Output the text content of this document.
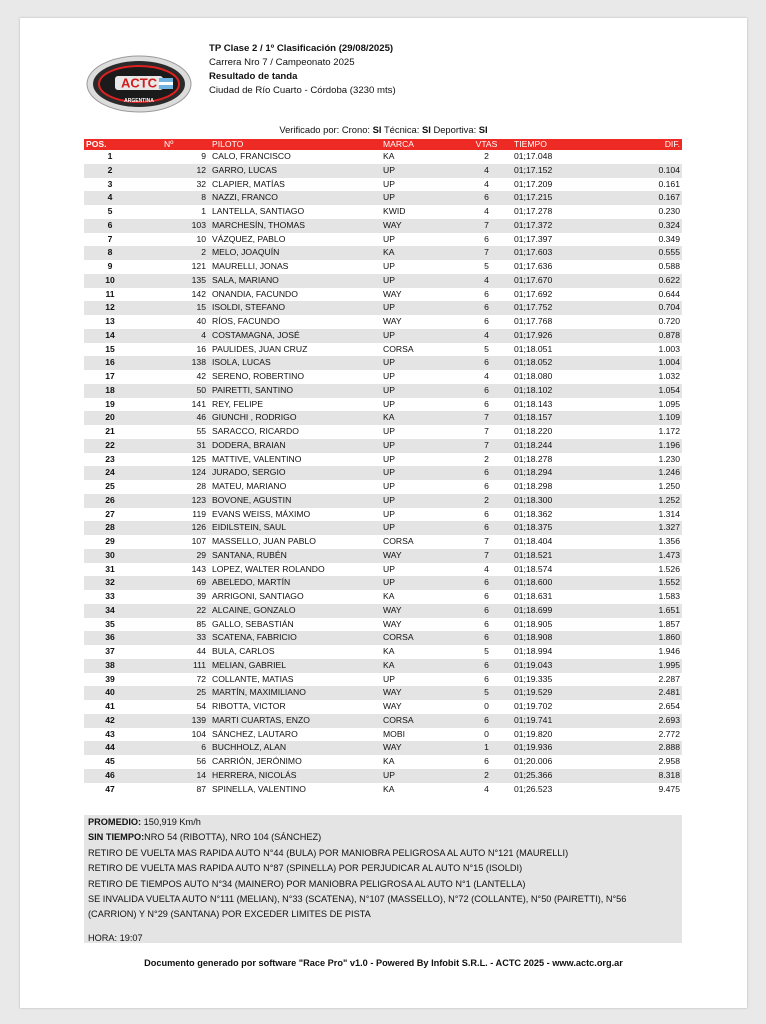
ACTC
ARGENTINA
TP Clase 2 / 1º Clasificación (29/08/2025)
Carrera Nro 7 / Campeonato 2025
Resultado de tanda
Ciudad de Río Cuarto - Córdoba (3230 mts)
Verificado por: Crono: SI Técnica: SI Deportiva: SI
POS.	Nº	PILOTO	MARCA	VTAS	TIEMPO	DIF.
1	9 CALO, FRANCISCO	KA	2	01;17.048
2	12 GARRO, LUCAS	UP	4	01;17.152	0.104
3	32 CLAPIER, MATÍAS	UP	4	01;17.209	0.161
4	8 NAZZI, FRANCO	UP	6	01;17.215	0.167
5	1 LANTELLA, SANTIAGO	KWID	4	01;17.278	0.230
6	103 MARCHESÍN, THOMAS	WAY	7	01;17.372	0.324
7	10 VÁZQUEZ, PABLO	UP	6	01;17.397	0.349
8	2 MELO, JOAQUÍN	KA	7	01;17.603	0.555
9	121 MAURELLI, JONAS	UP	5	01;17.636	0.588
10	135 SALA, MARIANO	UP	4	01;17.670	0.622
11	142 ONANDIA, FACUNDO	WAY	6	01;17.692	0.644
12	15 ISOLDI, STEFANO	UP	6	01;17.752	0.704
13	40 RÍOS, FACUNDO	WAY	6	01;17.768	0.720
14	4 COSTAMAGNA, JOSÉ	UP	4	01;17.926	0.878
15	16 PAULIDES, JUAN CRUZ	CORSA	5	01;18.051	1.003
16	138 ISOLA, LUCAS	UP	6	01;18.052	1.004
17	42 SERENO, ROBERTINO	UP	4	01;18.080	1.032
18	50 PAIRETTI, SANTINO	UP	6	01;18.102	1.054
19	141 REY, FELIPE	UP	6	01;18.143	1.095
20	46 GIUNCHI , RODRIGO	KA	7	01;18.157	1.109
21	55 SARACCO, RICARDO	UP	7	01;18.220	1.172
22	31 DODERA, BRAIAN	UP	7	01;18.244	1.196
23	125 MATTIVE, VALENTINO	UP	2	01;18.278	1.230
24	124 JURADO, SERGIO	UP	6	01;18.294	1.246
25	28 MATEU, MARIANO	UP	6	01;18.298	1.250
26	123 BOVONE, AGUSTIN	UP	2	01;18.300	1.252
27	119 EVANS WEISS, MÁXIMO	UP	6	01;18.362	1.314
28	126 EIDILSTEIN, SAUL	UP	6	01;18.375	1.327
29	107 MASSELLO, JUAN PABLO	CORSA	7	01;18.404	1.356
30	29 SANTANA, RUBÉN	WAY	7	01;18.521	1.473
31	143 LOPEZ, WALTER ROLANDO	UP	4	01;18.574	1.526
32	69 ABELEDO, MARTÍN	UP	6	01;18.600	1.552
33	39 ARRIGONI, SANTIAGO	KA	6	01;18.631	1.583
34	22 ALCAINE, GONZALO	WAY	6	01;18.699	1.651
35	85 GALLO, SEBASTIÁN	WAY	6	01;18.905	1.857
36	33 SCATENA, FABRICIO	CORSA	6	01;18.908	1.860
37	44 BULA, CARLOS	KA	5	01;18.994	1.946
38	111 MELIAN, GABRIEL	KA	6	01;19.043	1.995
39	72 COLLANTE, MATIAS	UP	6	01;19.335	2.287
40	25 MARTÍN, MAXIMILIANO	WAY	5	01;19.529	2.481
41	54 RIBOTTA, VICTOR	WAY	0	01;19.702	2.654
42	139 MARTI CUARTAS, ENZO	CORSA	6	01;19.741	2.693
43	104 SÁNCHEZ, LAUTARO	MOBI	0	01;19.820	2.772
44	6 BUCHHOLZ, ALAN	WAY	1	01;19.936	2.888
45	56 CARRIÓN, JERÓNIMO	KA	6	01;20.006	2.958
46	14 HERRERA, NICOLÁS	UP	2	01;25.366	8.318
47	87 SPINELLA, VALENTINO	KA	4	01;26.523	9.475

PROMEDIO: 150,919 Km/h

SIN TIEMPO:NRO 54 (RIBOTTA), NRO 104 (SÁNCHEZ)

RETIRO DE VUELTA MAS RAPIDA AUTO N°44 (BULA) POR MANIOBRA PELIGROSA AL AUTO N°121 (MAURELLI)

RETIRO DE VUELTA MAS RAPIDA AUTO N°87 (SPINELLA) POR PERJUDICAR AL AUTO N°15 (ISOLDI)

RETIRO DE TIEMPOS AUTO N°34 (MAINERO) POR MANIOBRA PELIGROSA AL AUTO N°1 (LANTELLA)

SE INVALIDA VUELTA AUTO N°111 (MELIAN), N°33 (SCATENA), N°107 (MASSELLO), N°72 (COLLANTE), N°50 (PAIRETTI), N°56

(CARRION) Y N°29 (SANTANA) POR EXCEDER LIMITES DE PISTA

HORA: 19:07

Documento generado por software "Race Pro" v1.0 - Powered By Infobit S.R.L. - ACTC 2025 - www.actc.org.ar
